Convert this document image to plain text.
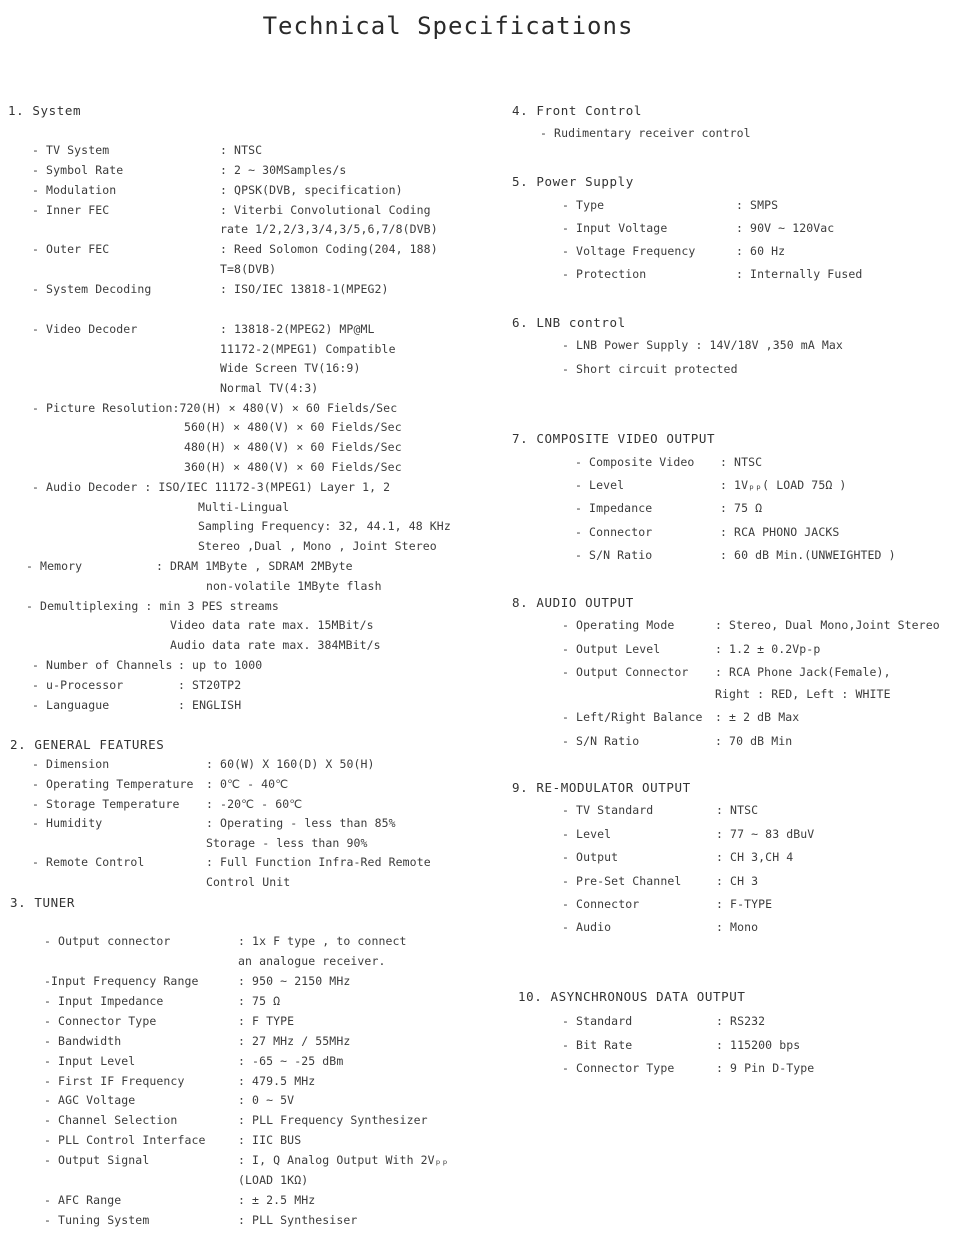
Technical Specifications
1. System
- TV System	: NTSC
- Symbol Rate	: 2 ~ 30MSamples/s
- Modulation	: QPSK(DVB, specification)
- Inner FEC	: Viterbi Convolutional Coding
rate 1/2,2/3,3/4,3/5,6,7/8(DVB)
- Outer FEC	: Reed Solomon Coding(204, 188)
T=8(DVB)
- System Decoding	: ISO/IEC 13818-1(MPEG2)
- Video Decoder	: 13818-2(MPEG2) MP@ML
11172-2(MPEG1) Compatible
Wide Screen TV(16:9)
Normal TV(4:3)
- Picture Resolution:720(H) × 480(V) × 60 Fields/Sec
560(H) × 480(V) × 60 Fields/Sec
480(H) × 480(V) × 60 Fields/Sec
360(H) × 480(V) × 60 Fields/Sec
- Audio Decoder : ISO/IEC 11172-3(MPEG1) Layer 1, 2
Multi-Lingual
Sampling Frequency: 32, 44.1, 48 KHz
Stereo ,Dual , Mono , Joint Stereo
- Memory	: DRAM 1MByte , SDRAM 2MByte
non-volatile 1MByte flash
- Demultiplexing : min 3 PES streams
Video data rate max. 15MBit/s
Audio data rate max. 384MBit/s
- Number of Channels : up to 1000
- u-Processor	: ST20TP2
- Languague	: ENGLISH
2. GENERAL FEATURES
- Dimension	: 60(W) X 160(D) X 50(H)
- Operating Temperature : 0℃ - 40℃
- Storage Temperature : -20℃ - 60℃
- Humidity	: Operating - less than 85%
Storage - less than 90%
- Remote Control	: Full Function Infra-Red Remote
Control Unit
3. TUNER
- Output connector	: 1x F type , to connect
an analogue receiver.
-Input Frequency Range	: 950 ~ 2150 MHz
- Input Impedance	: 75 Ω
- Connector Type	: F TYPE
- Bandwidth	: 27 MHz / 55MHz
- Input Level	: -65 ~ -25 dBm
- First IF Frequency	: 479.5 MHz
- AGC Voltage	: 0 ~ 5V
- Channel Selection	: PLL Frequency Synthesizer
- PLL Control Interface	: IIC BUS
- Output Signal	: I, Q Analog Output With 2Vₚₚ
(LOAD 1KΩ)
- AFC Range	: ± 2.5 MHz
- Tuning System	: PLL Synthesiser
4. Front Control
- Rudimentary receiver control
5. Power Supply
- Type	: SMPS
- Input Voltage	: 90V ~ 120Vac
- Voltage Frequency	: 60 Hz
- Protection	: Internally Fused
6. LNB control
- LNB Power Supply : 14V/18V ,350 mA Max
- Short circuit protected
7. COMPOSITE VIDEO OUTPUT
- Composite Video : NTSC
- Level	: 1Vₚₚ( LOAD 75Ω )
- Impedance	: 75 Ω
- Connector	: RCA PHONO JACKS
- S/N Ratio	: 60 dB Min.(UNWEIGHTED )
8. AUDIO OUTPUT
- Operating Mode	: Stereo, Dual Mono,Joint Stereo
- Output Level	: 1.2 ± 0.2Vp-p
- Output Connector : RCA Phone Jack(Female),
Right : RED, Left : WHITE
- Left/Right Balance : ± 2 dB Max
- S/N Ratio	: 70 dB Min
9. RE-MODULATOR OUTPUT
- TV Standard	: NTSC
- Level	: 77 ~ 83 dBuV
- Output	: CH 3,CH 4
- Pre-Set Channel	: CH 3
- Connector	: F-TYPE
- Audio	: Mono
10. ASYNCHRONOUS DATA OUTPUT
- Standard	: RS232
- Bit Rate	: 115200 bps
- Connector Type	: 9 Pin D-Type
